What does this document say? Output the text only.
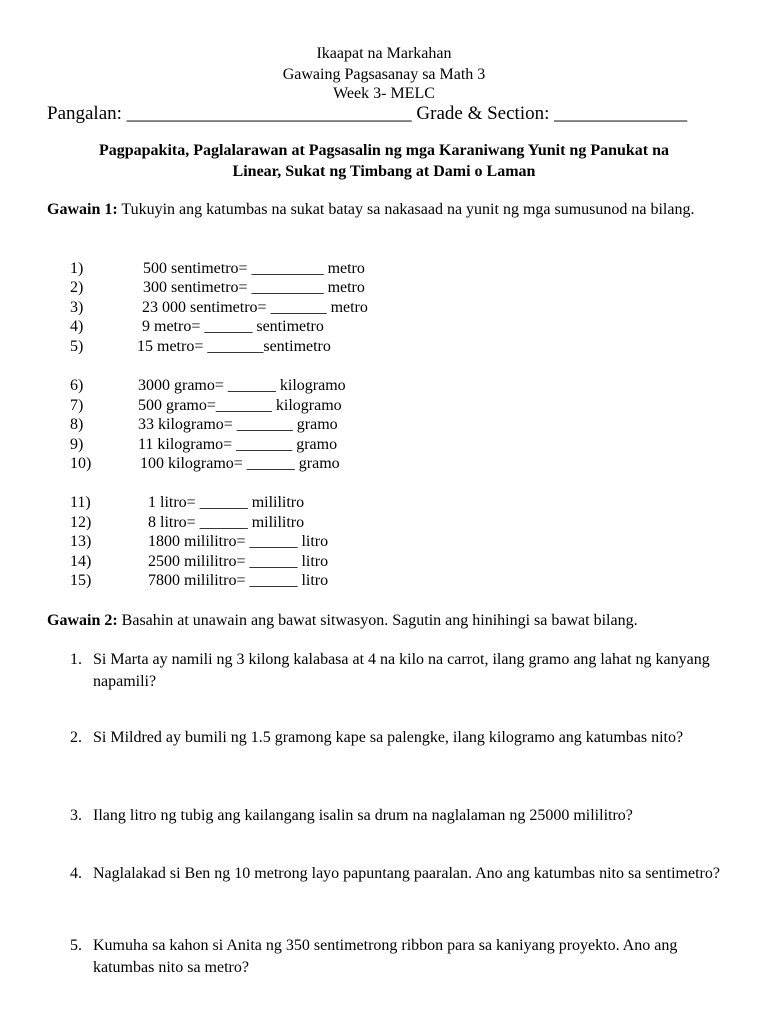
Ikaapat na Markahan
Gawaing Pagsasanay sa Math 3
Week 3- MELC
Pangalan: ______________________________ Grade & Section: ______________
Pagpapakita, Paglalarawan at Pagsasalin ng mga Karaniwang Yunit ng Panukat na
Linear, Sukat ng Timbang at Dami o Laman
Gawain 1: Tukuyin ang katumbas na sukat batay sa nakasaad na yunit ng mga sumusunod na bilang.
1)	500 sentimetro= _________ metro
2)	300 sentimetro= _________ metro
3)	23 000 sentimetro= _______ metro
4)	9 metro= ______ sentimetro
5)	15 metro= _______sentimetro
6)	3000 gramo= ______ kilogramo
7)	500 gramo=_______ kilogramo
8)	33 kilogramo= _______ gramo
9)	11 kilogramo= _______ gramo
10)	100 kilogramo= ______ gramo
11)	1 litro= ______ mililitro
12)	8 litro= ______ mililitro
13)	1800 mililitro= ______ litro
14)	2500 mililitro= ______ litro
15)	7800 mililitro= ______ litro
Gawain 2: Basahin at unawain ang bawat sitwasyon. Sagutin ang hinihingi sa bawat bilang.
1. Si Marta ay namili ng 3 kilong kalabasa at 4 na kilo na carrot, ilang gramo ang lahat ng kanyang napamili?
2. Si Mildred ay bumili ng 1.5 gramong kape sa palengke, ilang kilogramo ang katumbas nito?
3. Ilang litro ng tubig ang kailangang isalin sa drum na naglalaman ng 25000 mililitro?
4. Naglalakad si Ben ng 10 metrong layo papuntang paaralan. Ano ang katumbas nito sa sentimetro?
5. Kumuha sa kahon si Anita ng 350 sentimetrong ribbon para sa kaniyang proyekto. Ano ang katumbas nito sa metro?
